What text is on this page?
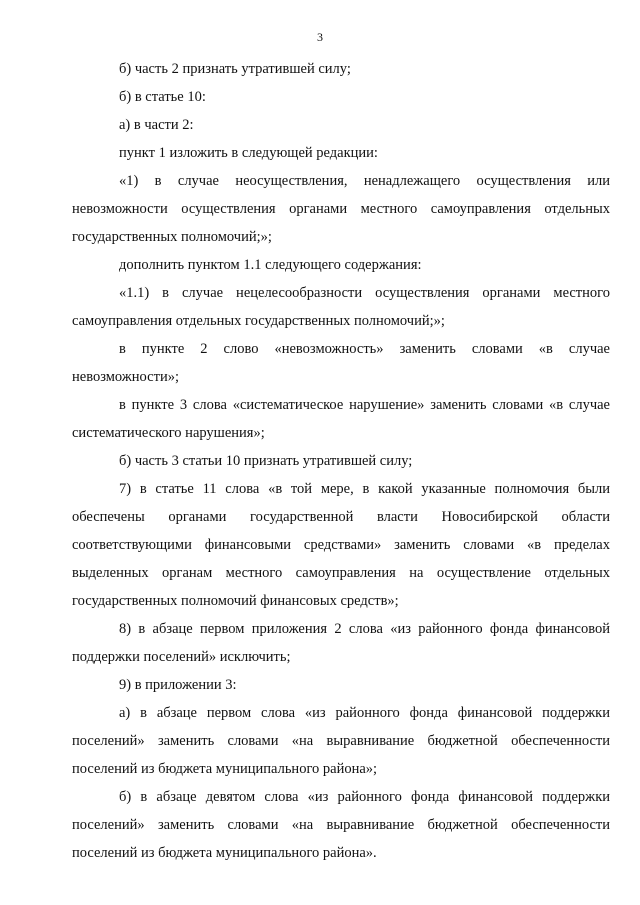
3

б) часть 2 признать утратившей силу;

б) в статье 10:

а) в части 2:

пункт 1 изложить в следующей редакции:

«1) в случае неосуществления, ненадлежащего осуществления или невозможности осуществления органами местного самоуправления отдельных государственных полномочий;»;

дополнить пунктом 1.1 следующего содержания:

«1.1) в случае нецелесообразности осуществления органами местного самоуправления отдельных государственных полномочий;»;

в пункте 2 слово «невозможность» заменить словами «в случае невозможности»;

в пункте 3 слова «систематическое нарушение» заменить словами «в случае систематического нарушения»;

б) часть 3 статьи 10 признать утратившей силу;

7) в статье 11 слова «в той мере, в какой указанные полномочия были обеспечены органами государственной власти Новосибирской области соответствующими финансовыми средствами» заменить словами «в пределах выделенных органам местного самоуправления на осуществление отдельных государственных полномочий финансовых средств»;

8) в абзаце первом приложения 2 слова «из районного фонда финансовой поддержки поселений» исключить;

9) в приложении 3:

а) в абзаце первом слова «из районного фонда финансовой поддержки поселений» заменить словами «на выравнивание бюджетной обеспеченности поселений из бюджета муниципального района»;

б) в абзаце девятом слова «из районного фонда финансовой поддержки поселений» заменить словами «на выравнивание бюджетной обеспеченности поселений из бюджета муниципального района».
